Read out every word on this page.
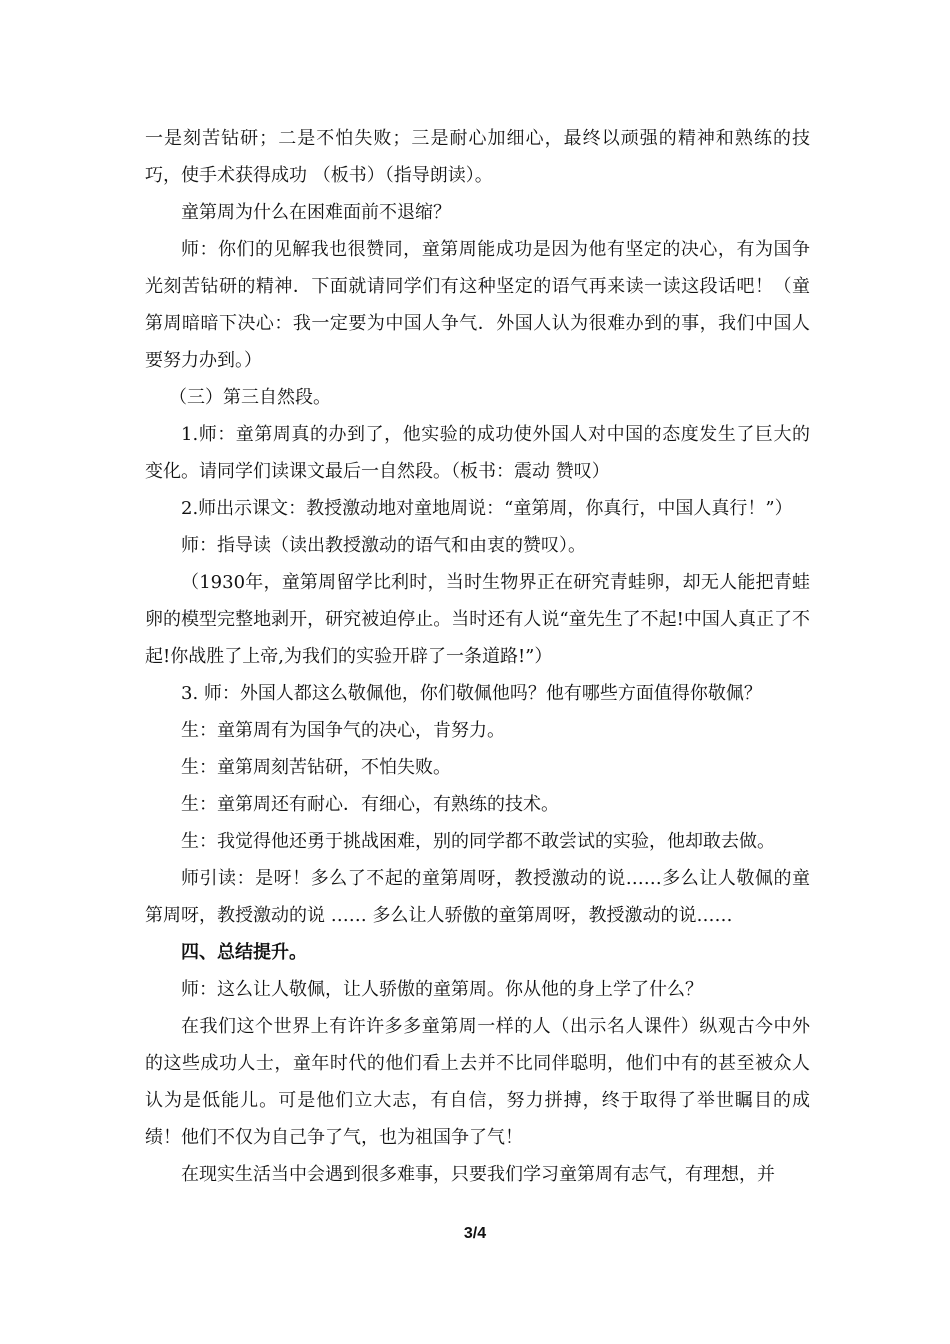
一是刻苦钻研；二是不怕失败；三是耐心加细心，最终以顽强的精神和熟练的技巧，使手术获得成功 （板书）（指导朗读）。

童第周为什么在困难面前不退缩？

师：你们的见解我也很赞同，童第周能成功是因为他有坚定的决心，有为国争光刻苦钻研的精神．下面就请同学们有这种坚定的语气再来读一读这段话吧！（童第周暗暗下决心：我一定要为中国人争气．外国人认为很难办到的事，我们中国人要努力办到。）

（三）第三自然段。

1.师：童第周真的办到了，他实验的成功使外国人对中国的态度发生了巨大的变化。请同学们读课文最后一自然段。（板书：震动 赞叹）

2.师出示课文：教授激动地对童地周说：“童第周，你真行，中国人真行！”）

师：指导读（读出教授激动的语气和由衷的赞叹）。

（1930年，童第周留学比利时，当时生物界正在研究青蛙卵，却无人能把青蛙卵的模型完整地剥开，研究被迫停止。当时还有人说“童先生了不起!中国人真正了不起!你战胜了上帝,为我们的实验开辟了一条道路!”）

3. 师：外国人都这么敬佩他，你们敬佩他吗？他有哪些方面值得你敬佩？

生：童第周有为国争气的决心，肯努力。

生：童第周刻苦钻研，不怕失败。

生：童第周还有耐心．有细心，有熟练的技术。

生：我觉得他还勇于挑战困难，别的同学都不敢尝试的实验，他却敢去做。

师引读：是呀！多么了不起的童第周呀，教授激动的说……多么让人敬佩的童第周呀，教授激动的说 …… 多么让人骄傲的童第周呀，教授激动的说……

四、总结提升。

师：这么让人敬佩，让人骄傲的童第周。你从他的身上学了什么？

在我们这个世界上有许许多多童第周一样的人（出示名人课件）纵观古今中外的这些成功人士，童年时代的他们看上去并不比同伴聪明，他们中有的甚至被众人认为是低能儿。可是他们立大志，有自信，努力拼搏，终于取得了举世瞩目的成绩！他们不仅为自己争了气，也为祖国争了气！

在现实生活当中会遇到很多难事，只要我们学习童第周有志气，有理想，并

3/4
